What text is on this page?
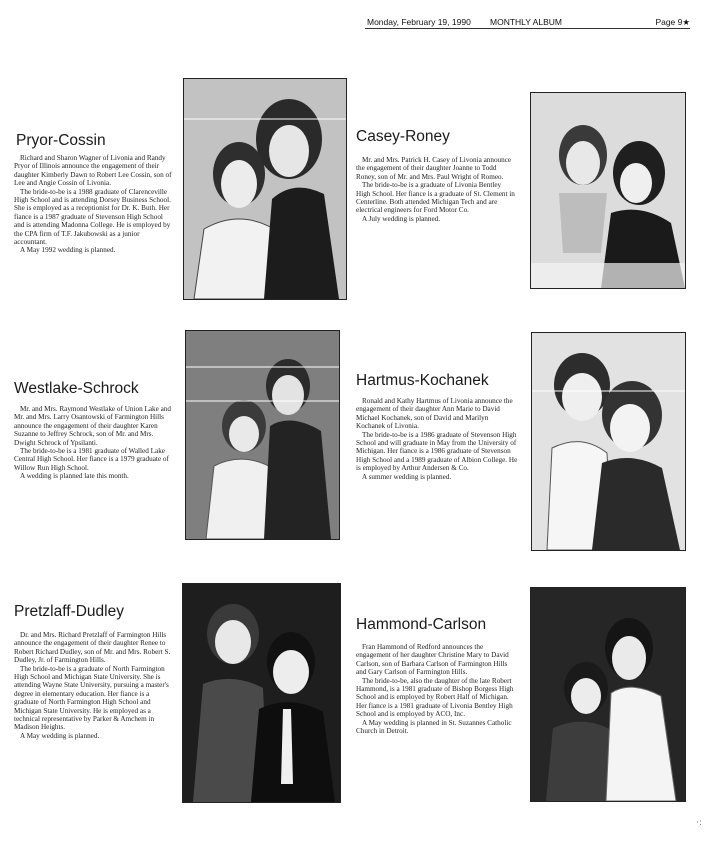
Monday, February 19, 1990 MONTHLY ALBUM	Page 9★
Pryor-Cossin

Richard and Sharon Wagner of Livonia and Randy Pryor of Illinois announce the engagement of their daughter Kimberly Dawn to Robert Lee Cossin, son of Lee and Angie Cossin of Livonia.

The bride-to-be is a 1988 graduate of Clarenceville High School and is attending Dorsey Business School. She is employed as a receptionist for Dr. K. Buth. Her fiance is a 1987 graduate of Stevenson High School and is attending Madonna College. He is employed by the CPA firm of T.F. Jakubowski as a junior accountant.

A May 1992 wedding is planned.

Casey-Roney

Mr. and Mrs. Patrick H. Casey of Livonia announce the engagement of their daughter Joanne to Todd Roney, son of Mr. and Mrs. Paul Wright of Romeo.

The bride-to-be is a graduate of Livonia Bentley High School. Her fiance is a graduate of St. Clement in Centerline. Both attended Michigan Tech and are electrical engineers for Ford Motor Co.

A July wedding is planned.

Westlake-Schrock

Mr. and Mrs. Raymond Westlake of Union Lake and Mr. and Mrs. Larry Osantowski of Farmington Hills announce the engagement of their daughter Karen Suzanne to Jeffrey Schrock, son of Mr. and Mrs. Dwight Schrock of Ypsilanti.

The bride-to-be is a 1981 graduate of Walled Lake Central High School. Her fiance is a 1979 graduate of Willow Run High School.

A wedding is planned late this month.

Hartmus-Kochanek

Ronald and Kathy Hartmus of Livonia announce the engagement of their daughter Ann Marie to David Michael Kochanek, son of David and Marilyn Kochanek of Livonia.

The bride-to-be is a 1986 graduate of Stevenson High School and will graduate in May from the University of Michigan. Her fiance is a 1986 graduate of Stevenson High School and a 1989 graduate of Albion College. He is employed by Arthur Andersen & Co.

A summer wedding is planned.

Pretzlaff-Dudley

Dr. and Mrs. Richard Pretzlaff of Farmington Hills announce the engagement of their daughter Renee to Robert Richard Dudley, son of Mr. and Mrs. Robert S. Dudley, Jr. of Farmington Hills.

The bride-to-be is a graduate of North Farmington High School and Michigan State University. She is attending Wayne State University, pursuing a master's degree in elementary education. Her fiance is a graduate of North Farmington High School and Michigan State University. He is employed as a technical representative by Parker & Amchem in Madison Heights.

A May wedding is planned.

Hammond-Carlson

Fran Hammond of Redford announces the engagement of her daughter Christine Mary to David Carlson, son of Barbara Carlson of Farmington Hills and Gary Carlson of Farmington Hills.

The bride-to-be, also the daughter of the late Robert Hammond, is a 1981 graduate of Bishop Borgess High School and is employed by Robert Half of Michigan. Her fiance is a 1981 graduate of Livonia Bentley High School and is employed by ACO, Inc.

A May wedding is planned in St. Suzannes Catholic Church in Detroit.

·:
